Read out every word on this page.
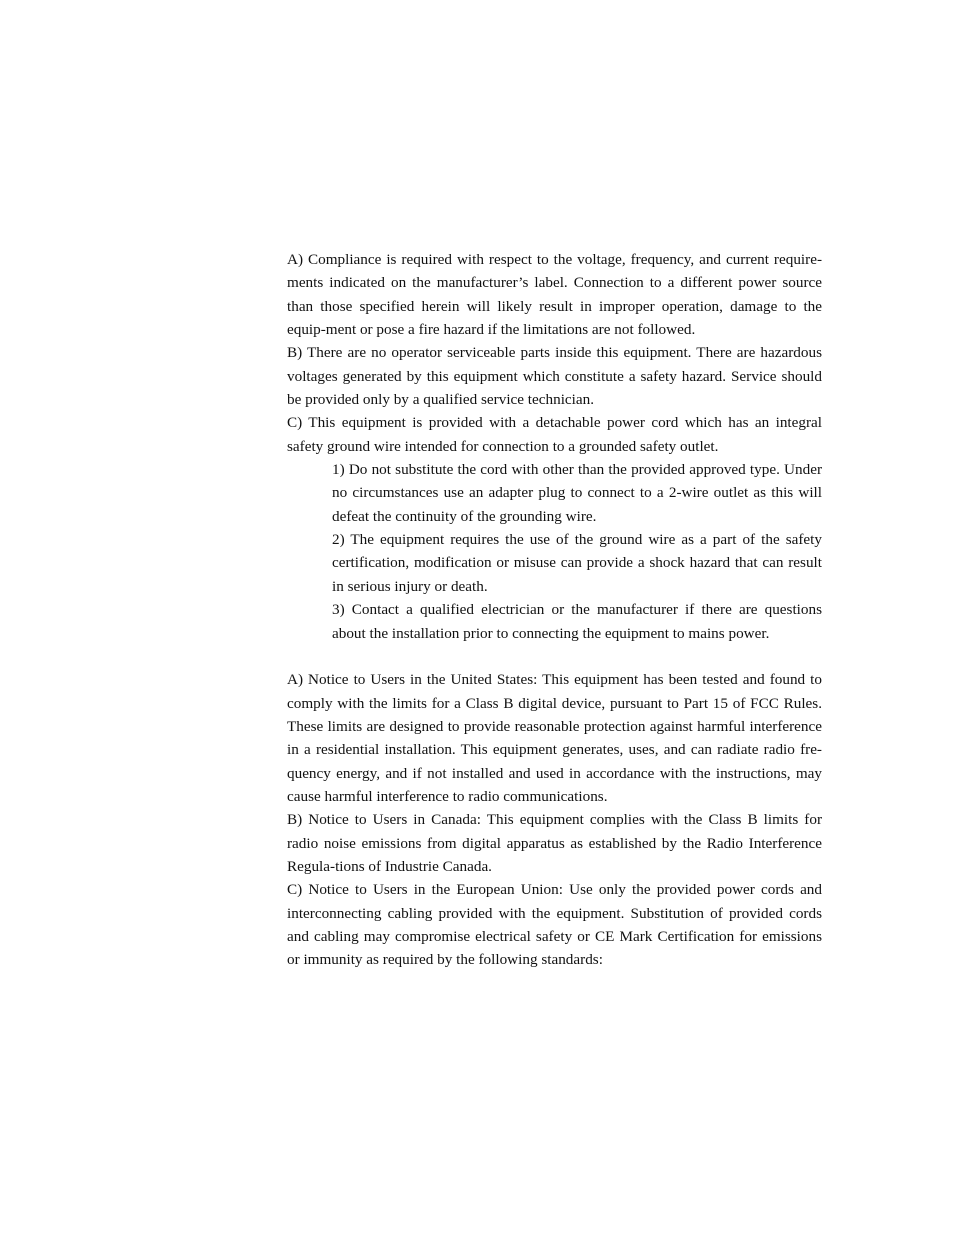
A) Compliance is required with respect to the voltage, frequency, and current require-ments indicated on the manufacturer’s label. Connection to a different power source than those specified herein will likely result in improper operation, damage to the equip-ment or pose a fire hazard if the limitations are not followed.

B) There are no operator serviceable parts inside this equipment. There are hazardous voltages generated by this equipment which constitute a safety hazard. Service should be provided only by a qualified service technician.

C) This equipment is provided with a detachable power cord which has an integral safety ground wire intended for connection to a grounded safety outlet.

1) Do not substitute the cord with other than the provided approved type. Under no circumstances use an adapter plug to connect to a 2-wire outlet as this will defeat the continuity of the grounding wire.

2) The equipment requires the use of the ground wire as a part of the safety certification, modification or misuse can provide a shock hazard that can result in serious injury or death.

3) Contact a qualified electrician or the manufacturer if there are questions about the installation prior to connecting the equipment to mains power.

A) Notice to Users in the United States: This equipment has been tested and found to comply with the limits for a Class B digital device, pursuant to Part 15 of FCC Rules. These limits are designed to provide reasonable protection against harmful interference in a residential installation. This equipment generates, uses, and can radiate radio fre-quency energy, and if not installed and used in accordance with the instructions, may cause harmful interference to radio communications.

B) Notice to Users in Canada: This equipment complies with the Class B limits for radio noise emissions from digital apparatus as established by the Radio Interference Regula-tions of Industrie Canada.

C) Notice to Users in the European Union: Use only the provided power cords and interconnecting cabling provided with the equipment. Substitution of provided cords and cabling may compromise electrical safety or CE Mark Certification for emissions or immunity as required by the following standards:
